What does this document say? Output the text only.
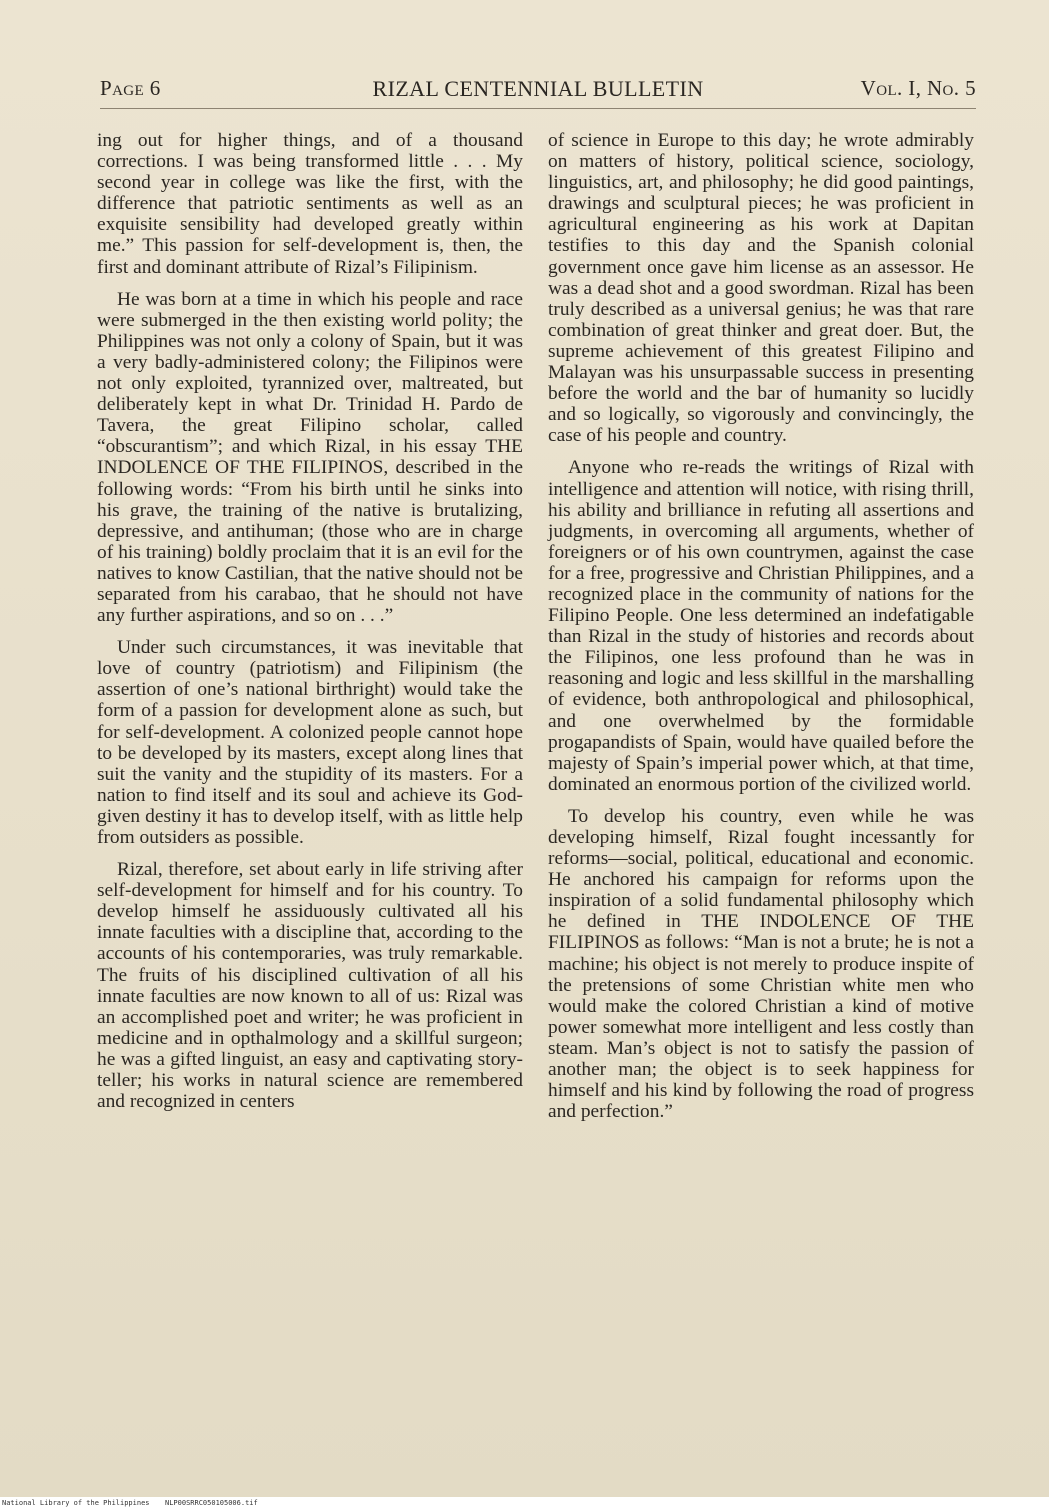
Page 6	RIZAL CENTENNIAL BULLETIN	Vol. I, No. 5

ing out for higher things, and of a thousand corrections. I was being transformed little . . . My second year in college was like the first, with the difference that patriotic sentiments as well as an exquisite sensibility had developed greatly within me.” This passion for self-development is, then, the first and dominant attribute of Rizal’s Filipinism.

He was born at a time in which his people and race were submerged in the then existing world polity; the Philippines was not only a colony of Spain, but it was a very badly-administered colony; the Filipinos were not only exploited, tyrannized over, maltreated, but deliberately kept in what Dr. Trinidad H. Pardo de Tavera, the great Filipino scholar, called “obscurantism”; and which Rizal, in his essay THE INDOLENCE OF THE FILIPINOS, described in the following words: “From his birth until he sinks into his grave, the training of the native is brutalizing, depressive, and antihuman; (those who are in charge of his training) boldly proclaim that it is an evil for the natives to know Castilian, that the native should not be separated from his carabao, that he should not have any further aspirations, and so on . . .”

Under such circumstances, it was inevitable that love of country (patriotism) and Filipinism (the assertion of one’s national birthright) would take the form of a passion for development alone as such, but for self-development. A colonized people cannot hope to be developed by its masters, except along lines that suit the vanity and the stupidity of its masters. For a nation to find itself and its soul and achieve its God-given destiny it has to develop itself, with as little help from outsiders as possible.

Rizal, therefore, set about early in life striving after self-development for himself and for his country. To develop himself he assiduously cultivated all his innate faculties with a discipline that, according to the accounts of his contemporaries, was truly remarkable. The fruits of his disciplined cultivation of all his innate faculties are now known to all of us: Rizal was an accomplished poet and writer; he was proficient in medicine and in opthalmology and a skillful surgeon; he was a gifted linguist, an easy and captivating story-teller; his works in natural science are remembered and recognized in centers

of science in Europe to this day; he wrote admirably on matters of history, political science, sociology, linguistics, art, and philosophy; he did good paintings, drawings and sculptural pieces; he was proficient in agricultural engineering as his work at Dapitan testifies to this day and the Spanish colonial government once gave him license as an assessor. He was a dead shot and a good swordman. Rizal has been truly described as a universal genius; he was that rare combination of great thinker and great doer. But, the supreme achievement of this greatest Filipino and Malayan was his unsurpassable success in presenting before the world and the bar of humanity so lucidly and so logically, so vigorously and convincingly, the case of his people and country.

Anyone who re-reads the writings of Rizal with intelligence and attention will notice, with rising thrill, his ability and brilliance in refuting all assertions and judgments, in overcoming all arguments, whether of foreigners or of his own countrymen, against the case for a free, progressive and Christian Philippines, and a recognized place in the community of nations for the Filipino People. One less determined an indefatigable than Rizal in the study of histories and records about the Filipinos, one less profound than he was in reasoning and logic and less skillful in the marshalling of evidence, both anthropological and philosophical, and one overwhelmed by the formidable progapandists of Spain, would have quailed before the majesty of Spain’s imperial power which, at that time, dominated an enormous portion of the civilized world.

To develop his country, even while he was developing himself, Rizal fought incessantly for reforms—social, political, educational and economic. He anchored his campaign for reforms upon the inspiration of a solid fundamental philosophy which he defined in THE INDOLENCE OF THE FILIPINOS as follows: “Man is not a brute; he is not a machine; his object is not merely to produce inspite of the pretensions of some Christian white men who would make the colored Christian a kind of motive power somewhat more intelligent and less costly than steam. Man’s object is not to satisfy the passion of another man; the object is to seek happiness for himself and his kind by following the road of progress and perfection.”

National Library of the Philippines NLP00SRRC050105006.tif
